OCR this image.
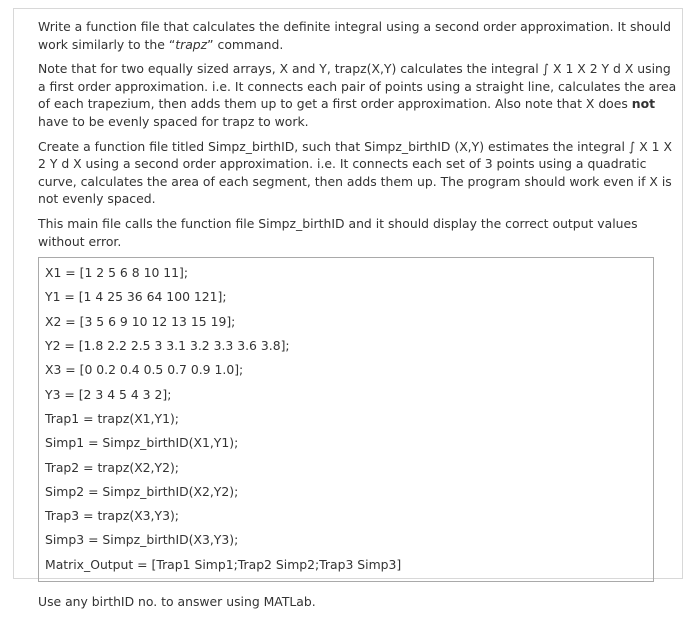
Write a function file that calculates the definite integral using a second order approximation. It should work similarly to the “trapz” command.

Note that for two equally sized arrays, X and Y, trapz(X,Y) calculates the integral ∫ X 1 X 2 Y d X using a first order approximation. i.e. It connects each pair of points using a straight line, calculates the area of each trapezium, then adds them up to get a first order approximation. Also note that X does not have to be evenly spaced for trapz to work.

Create a function file titled Simpz_birthID, such that Simpz_birthID (X,Y) estimates the integral ∫ X 1 X 2 Y d X using a second order approximation. i.e. It connects each set of 3 points using a quadratic curve, calculates the area of each segment, then adds them up. The program should work even if X is not evenly spaced.

This main file calls the function file Simpz_birthID and it should display the correct output values without error.

X1 = [1 2 5 6 8 10 11];
Y1 = [1 4 25 36 64 100 121];
X2 = [3 5 6 9 10 12 13 15 19];
Y2 = [1.8 2.2 2.5 3 3.1 3.2 3.3 3.6 3.8];
X3 = [0 0.2 0.4 0.5 0.7 0.9 1.0];
Y3 = [2 3 4 5 4 3 2];
Trap1 = trapz(X1,Y1);
Simp1 = Simpz_birthID(X1,Y1);
Trap2 = trapz(X2,Y2);
Simp2 = Simpz_birthID(X2,Y2);
Trap3 = trapz(X3,Y3);
Simp3 = Simpz_birthID(X3,Y3);
Matrix_Output = [Trap1 Simp1;Trap2 Simp2;Trap3 Simp3]
Use any birthID no. to answer using MATLab.
